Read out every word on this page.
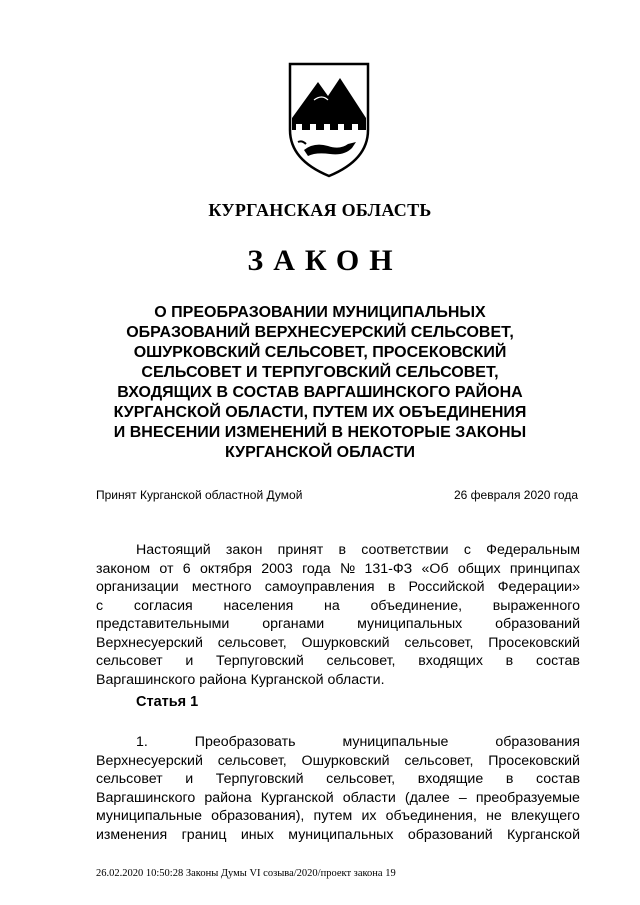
КУРГАНСКАЯ ОБЛАСТЬ
ЗАКОН
О ПРЕОБРАЗОВАНИИ МУНИЦИПАЛЬНЫХ
ОБРАЗОВАНИЙ ВЕРХНЕСУЕРСКИЙ СЕЛЬСОВЕТ,
ОШУРКОВСКИЙ СЕЛЬСОВЕТ, ПРОСЕКОВСКИЙ
СЕЛЬСОВЕТ И ТЕРПУГОВСКИЙ СЕЛЬСОВЕТ,
ВХОДЯЩИХ В СОСТАВ ВАРГАШИНСКОГО РАЙОНА
КУРГАНСКОЙ ОБЛАСТИ, ПУТЕМ ИХ ОБЪЕДИНЕНИЯ
И ВНЕСЕНИИ ИЗМЕНЕНИЙ В НЕКОТОРЫЕ ЗАКОНЫ
КУРГАНСКОЙ ОБЛАСТИ
Принят Курганской областной Думой	26 февраля 2020 года
Настоящий закон принят в соответствии с Федеральным
законом от 6 октября 2003 года № 131-ФЗ «Об общих принципах
организации местного самоуправления в Российской Федерации»
с согласия населения на объединение, выраженного
представительными органами муниципальных образований
Верхнесуерский сельсовет, Ошурковский сельсовет, Просековский
сельсовет и Терпуговский сельсовет, входящих в состав
Варгашинского района Курганской области.
Статья 1
1.	Преобразовать	муниципальные	образования
Верхнесуерский сельсовет, Ошурковский сельсовет, Просековский
сельсовет и Терпуговский сельсовет, входящие в состав
Варгашинского района Курганской области (далее – преобразуемые
муниципальные образования), путем их объединения, не влекущего
изменения границ иных муниципальных образований Курганской
26.02.2020 10:50:28 Законы Думы VI созыва/2020/проект закона 19
